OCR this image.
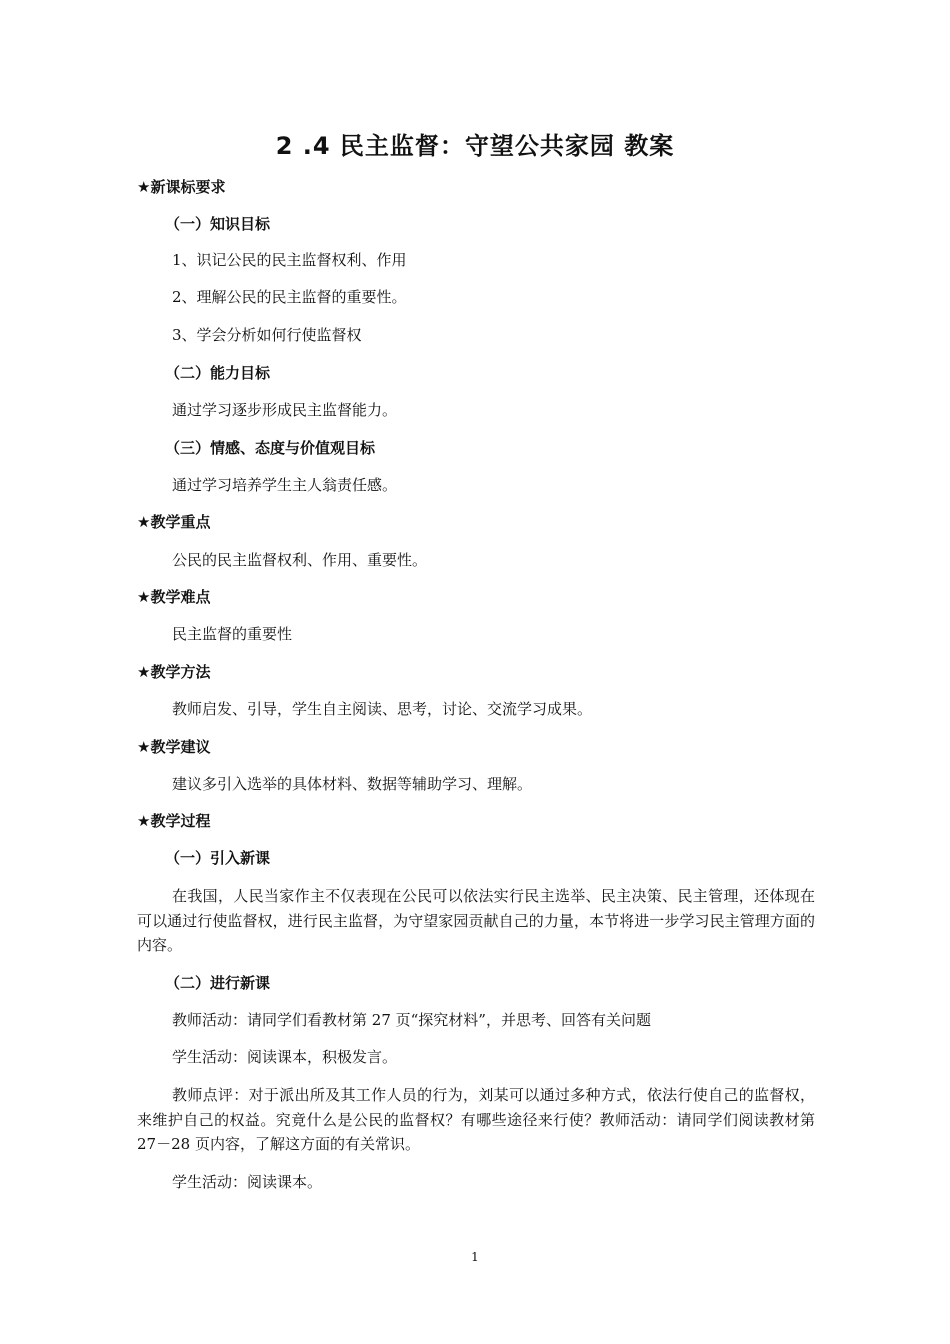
2 .4 民主监督：守望公共家园 教案
★新课标要求
（一）知识目标
1、识记公民的民主监督权利、作用
2、理解公民的民主监督的重要性。
3、学会分析如何行使监督权
（二）能力目标
通过学习逐步形成民主监督能力。
（三）情感、态度与价值观目标
通过学习培养学生主人翁责任感。
★教学重点
公民的民主监督权利、作用、重要性。
★教学难点
民主监督的重要性
★教学方法
教师启发、引导，学生自主阅读、思考，讨论、交流学习成果。
★教学建议
建议多引入选举的具体材料、数据等辅助学习、理解。
★教学过程
（一）引入新课
在我国，人民当家作主不仅表现在公民可以依法实行民主选举、民主决策、民主管理，还体现在可以通过行使监督权，进行民主监督，为守望家园贡献自己的力量，本节将进一步学习民主管理方面的内容。
（二）进行新课
教师活动：请同学们看教材第 27 页“探究材料”，并思考、回答有关问题
学生活动：阅读课本，积极发言。
教师点评：对于派出所及其工作人员的行为，刘某可以通过多种方式，依法行使自己的监督权，来维护自己的权益。究竟什么是公民的监督权？有哪些途径来行使？教师活动：请同学们阅读教材第 27－28 页内容，了解这方面的有关常识。
学生活动：阅读课本。
1
